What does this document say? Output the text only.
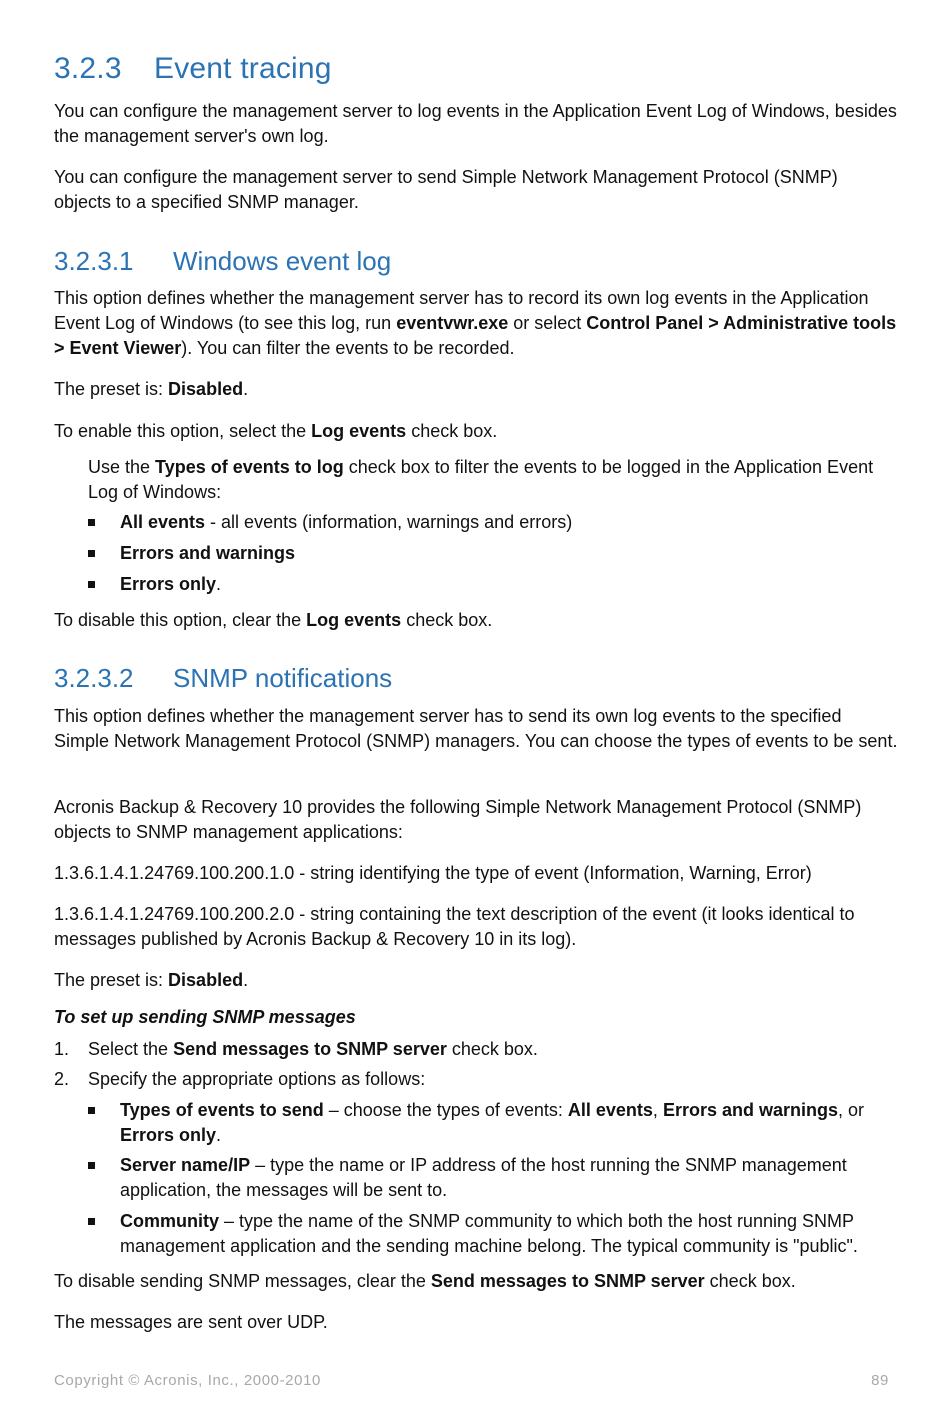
3.2.3 Event tracing

You can configure the management server to log events in the Application Event Log of Windows, besides the management server's own log.

You can configure the management server to send Simple Network Management Protocol (SNMP) objects to a specified SNMP manager.

3.2.3.1 Windows event log

This option defines whether the management server has to record its own log events in the Application Event Log of Windows (to see this log, run eventvwr.exe or select Control Panel > Administrative tools > Event Viewer). You can filter the events to be recorded.

The preset is: Disabled.

To enable this option, select the Log events check box.

Use the Types of events to log check box to filter the events to be logged in the Application Event Log of Windows:

All events - all events (information, warnings and errors)
Errors and warnings
Errors only.

To disable this option, clear the Log events check box.

3.2.3.2 SNMP notifications

This option defines whether the management server has to send its own log events to the specified Simple Network Management Protocol (SNMP) managers. You can choose the types of events to be sent.

Acronis Backup & Recovery 10 provides the following Simple Network Management Protocol (SNMP) objects to SNMP management applications:

1.3.6.1.4.1.24769.100.200.1.0 - string identifying the type of event (Information, Warning, Error)

1.3.6.1.4.1.24769.100.200.2.0 - string containing the text description of the event (it looks identical to messages published by Acronis Backup & Recovery 10 in its log).

The preset is: Disabled.

To set up sending SNMP messages

1. Select the Send messages to SNMP server check box.
2. Specify the appropriate options as follows:
Types of events to send – choose the types of events: All events, Errors and warnings, or Errors only.
Server name/IP – type the name or IP address of the host running the SNMP management application, the messages will be sent to.
Community – type the name of the SNMP community to which both the host running SNMP management application and the sending machine belong. The typical community is "public".

To disable sending SNMP messages, clear the Send messages to SNMP server check box.

The messages are sent over UDP.

Copyright © Acronis, Inc., 2000-2010	89
